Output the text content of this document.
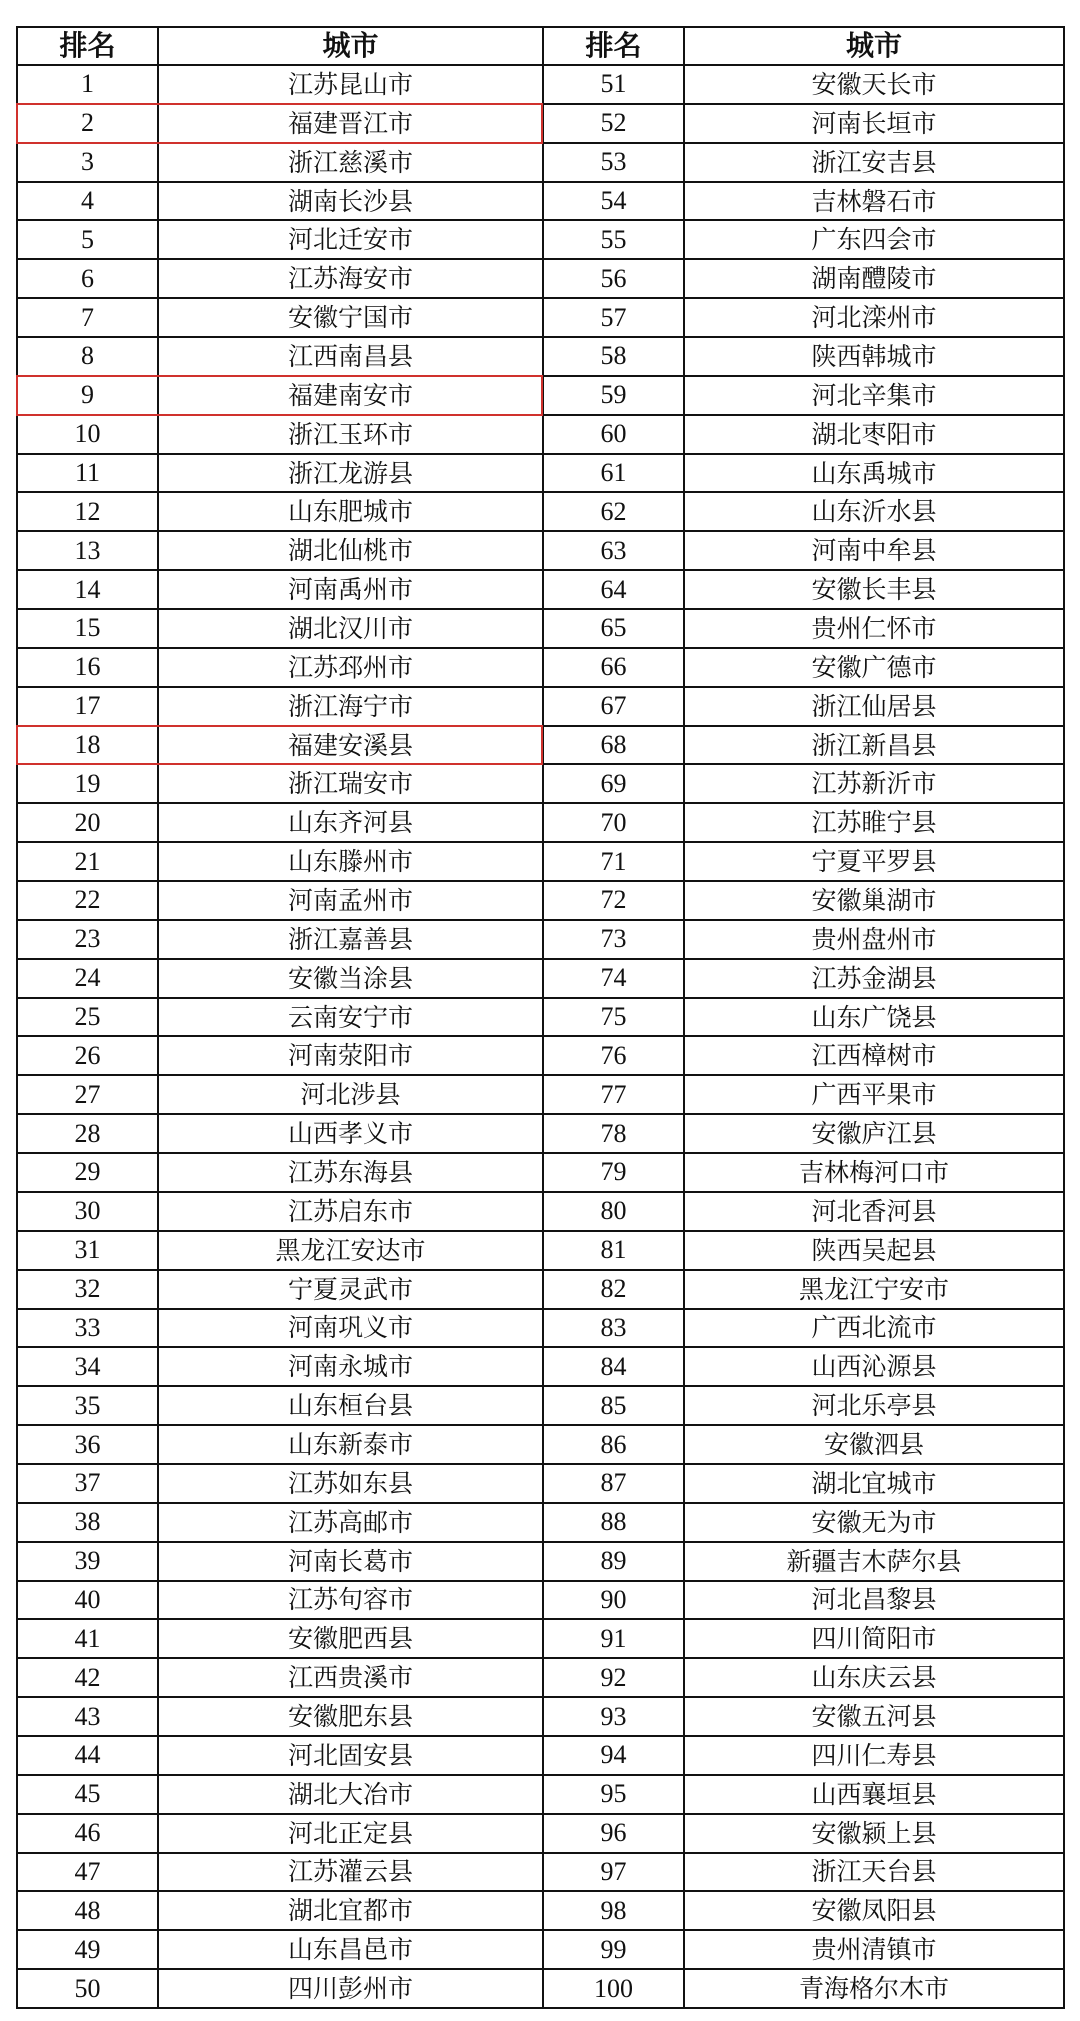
排名	城市	排名	城市
1	江苏昆山市	51	安徽天长市
2	福建晋江市	52	河南长垣市
3	浙江慈溪市	53	浙江安吉县
4	湖南长沙县	54	吉林磐石市
5	河北迁安市	55	广东四会市
6	江苏海安市	56	湖南醴陵市
7	安徽宁国市	57	河北滦州市
8	江西南昌县	58	陕西韩城市
9	福建南安市	59	河北辛集市
10	浙江玉环市	60	湖北枣阳市
11	浙江龙游县	61	山东禹城市
12	山东肥城市	62	山东沂水县
13	湖北仙桃市	63	河南中牟县
14	河南禹州市	64	安徽长丰县
15	湖北汉川市	65	贵州仁怀市
16	江苏邳州市	66	安徽广德市
17	浙江海宁市	67	浙江仙居县
18	福建安溪县	68	浙江新昌县
19	浙江瑞安市	69	江苏新沂市
20	山东齐河县	70	江苏睢宁县
21	山东滕州市	71	宁夏平罗县
22	河南孟州市	72	安徽巢湖市
23	浙江嘉善县	73	贵州盘州市
24	安徽当涂县	74	江苏金湖县
25	云南安宁市	75	山东广饶县
26	河南荥阳市	76	江西樟树市
27	河北涉县	77	广西平果市
28	山西孝义市	78	安徽庐江县
29	江苏东海县	79	吉林梅河口市
30	江苏启东市	80	河北香河县
31	黑龙江安达市	81	陕西吴起县
32	宁夏灵武市	82	黑龙江宁安市
33	河南巩义市	83	广西北流市
34	河南永城市	84	山西沁源县
35	山东桓台县	85	河北乐亭县
36	山东新泰市	86	安徽泗县
37	江苏如东县	87	湖北宜城市
38	江苏高邮市	88	安徽无为市
39	河南长葛市	89	新疆吉木萨尔县
40	江苏句容市	90	河北昌黎县
41	安徽肥西县	91	四川简阳市
42	江西贵溪市	92	山东庆云县
43	安徽肥东县	93	安徽五河县
44	河北固安县	94	四川仁寿县
45	湖北大冶市	95	山西襄垣县
46	河北正定县	96	安徽颍上县
47	江苏灌云县	97	浙江天台县
48	湖北宜都市	98	安徽凤阳县
49	山东昌邑市	99	贵州清镇市
50	四川彭州市	100	青海格尔木市
